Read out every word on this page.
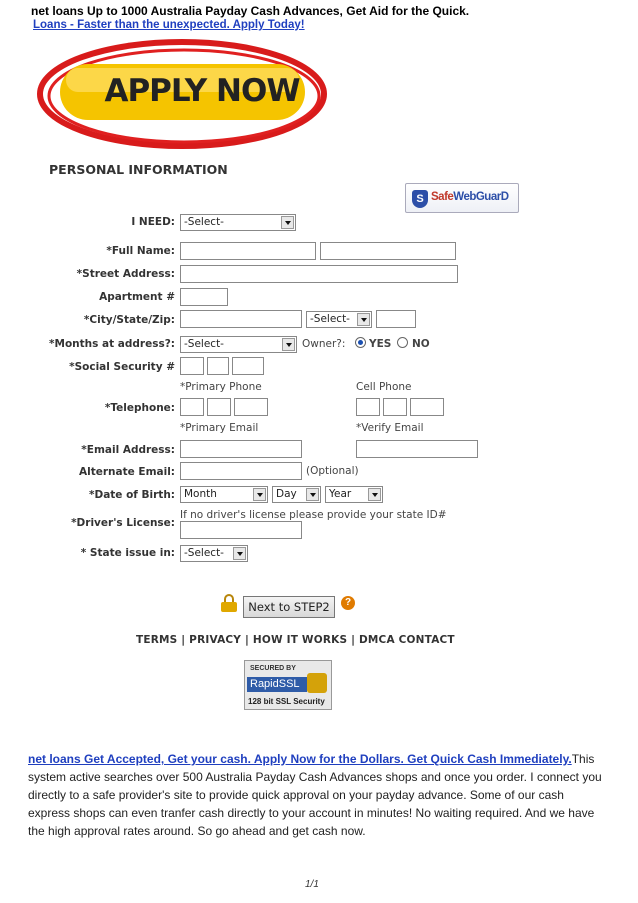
net loans Up to 1000 Australia Payday Cash Advances, Get Aid for the Quick.
Loans - Faster than the unexpected. Apply Today!
APPLY NOW
PERSONAL INFORMATION
S SafeWebGuarD
I NEED: -Select-
*Full Name:
*Street Address:
Apartment #
*City/State/Zip:	-Select-
*Months at address?: -Select-	Owner?: YES NO
*Social Security #
*Primary Phone	Cell Phone
*Telephone:
*Primary Email	*Verify Email
*Email Address:
Alternate Email:	(Optional)
*Date of Birth: Month	Day	Year
If no driver's license please provide your state ID#
*Driver's License:
* State issue in: -Select-
Next to STEP2	?
TERMS | PRIVACY | HOW IT WORKS | DMCA CONTACT
SECURED BY
RapidSSL
128 bit SSL Security
net loans Get Accepted, Get your cash. Apply Now for the Dollars. Get Quick Cash Immediately.This system active searches over 500 Australia Payday Cash Advances shops and once you order. I connect you directly to a safe provider's site to provide quick approval on your payday advance. Some of our cash express shops can even tranfer cash directly to your account in minutes! No waiting required. And we have the high approval rates around. So go ahead and get cash now.
1/1
